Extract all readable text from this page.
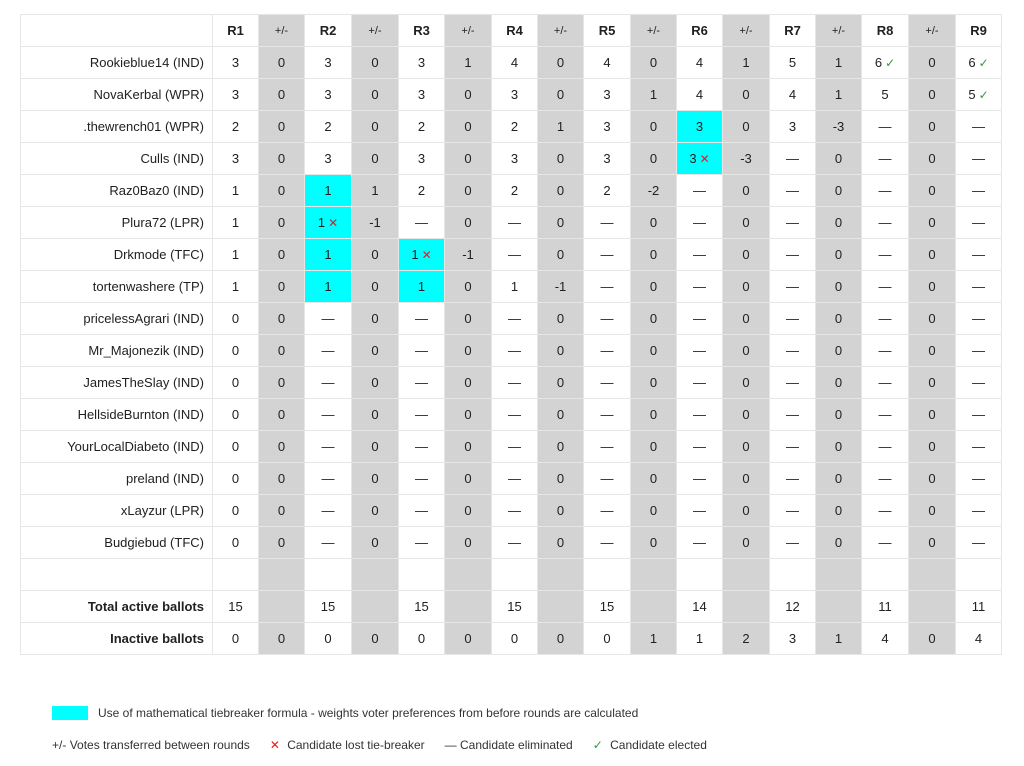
	R1	+/-	R2	+/-	R3	+/-	R4	+/-	R5	+/-	R6	+/-	R7	+/-	R8	+/-	R9
Rookieblue14 (IND)	3	0	3	0	3	1	4	0	4	0	4	1	5	1	6 ✓	0	6 ✓
NovaKerbal (WPR)	3	0	3	0	3	0	3	0	3	1	4	0	4	1	5	0	5 ✓
.thewrench01 (WPR)	2	0	2	0	2	0	2	1	3	0	3	0	3	-3	—	0	—
Culls (IND)	3	0	3	0	3	0	3	0	3	0	3 ✕	-3	—	0	—	0	—
Raz0Baz0 (IND)	1	0	1	1	2	0	2	0	2	-2	—	0	—	0	—	0	—
Plura72 (LPR)	1	0	1 ✕	-1	—	0	—	0	—	0	—	0	—	0	—	0	—
Drkmode (TFC)	1	0	1	0	1 ✕	-1	—	0	—	0	—	0	—	0	—	0	—
tortenwashere (TP)	1	0	1	0	1	0	1	-1	—	0	—	0	—	0	—	0	—
pricelessAgrari (IND)	0	0	—	0	—	0	—	0	—	0	—	0	—	0	—	0	—
Mr_Majonezik (IND)	0	0	—	0	—	0	—	0	—	0	—	0	—	0	—	0	—
JamesTheSlay (IND)	0	0	—	0	—	0	—	0	—	0	—	0	—	0	—	0	—
HellsideBurnton (IND)	0	0	—	0	—	0	—	0	—	0	—	0	—	0	—	0	—
YourLocalDiabeto (IND)	0	0	—	0	—	0	—	0	—	0	—	0	—	0	—	0	—
preland (IND)	0	0	—	0	—	0	—	0	—	0	—	0	—	0	—	0	—
xLayzur (LPR)	0	0	—	0	—	0	—	0	—	0	—	0	—	0	—	0	—
Budgiebud (TFC)	0	0	—	0	—	0	—	0	—	0	—	0	—	0	—	0	—

Total active ballots	15		15		15		15		15		14		12		11		11
Inactive ballots	0	0	0	0	0	0	0	0	0	1	1	2	3	1	4	0	4
Use of mathematical tiebreaker formula - weights voter preferences from before rounds are calculated
+/- Votes transferred between rounds ✕ Candidate lost tie-breaker — Candidate eliminated ✓ Candidate elected
